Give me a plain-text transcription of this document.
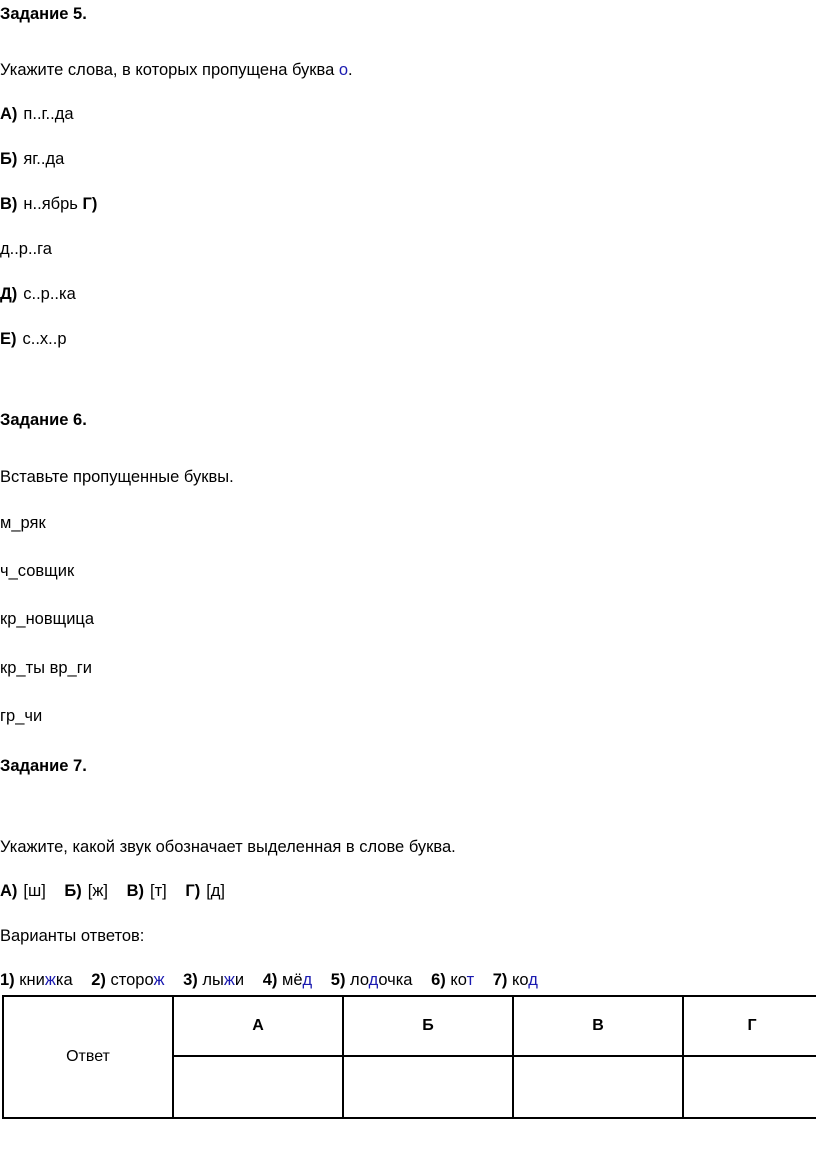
Задание 5.
Укажите слова, в которых пропущена буква о.
А) п..г..да
Б) яг..да
В) н..ябрь Г)
д..р..га
Д) с..р..ка
Е) с..х..р
Задание 6.
Вставьте пропущенные буквы.
м_ряк
ч_совщик
кр_новщица
кр_ты вр_ги
гр_чи
Задание 7.
Укажите, какой звук обозначает выделенная в слове буква.
А) [ш] Б) [ж] В) [т] Г) [д]
Варианты ответов:
1) книжка 2) сторож 3) лыжи 4) мёд 5) лодочка 6) кот 7) код
Ответ	А	Б	В	Г
